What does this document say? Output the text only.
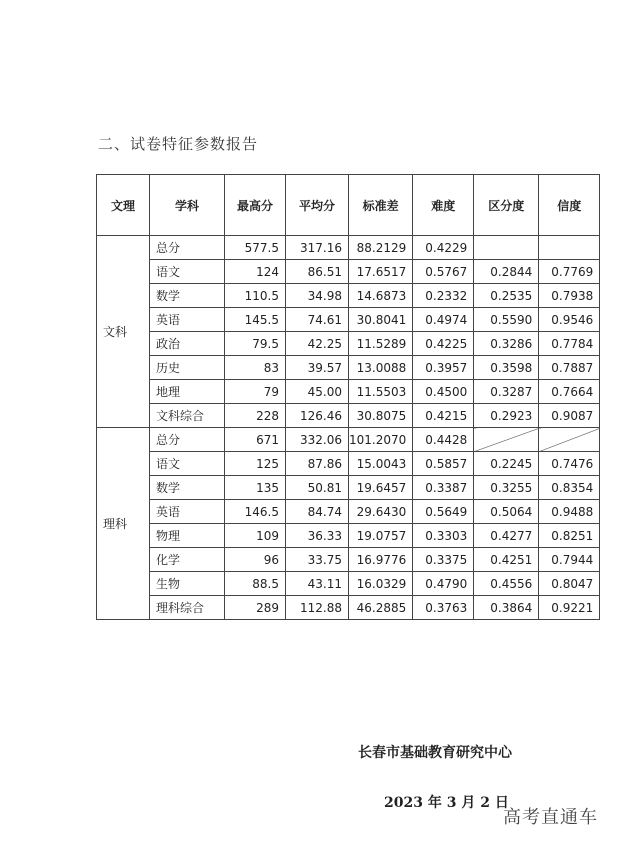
二、试卷特征参数报告
文理	学科	最高分	平均分	标准差	难度	区分度	信度
文科	总分	577.5	317.16	88.2129	0.4229		
	语文	124	86.51	17.6517	0.5767	0.2844	0.7769
	数学	110.5	34.98	14.6873	0.2332	0.2535	0.7938
	英语	145.5	74.61	30.8041	0.4974	0.5590	0.9546
	政治	79.5	42.25	11.5289	0.4225	0.3286	0.7784
	历史	83	39.57	13.0088	0.3957	0.3598	0.7887
	地理	79	45.00	11.5503	0.4500	0.3287	0.7664
	文科综合	228	126.46	30.8075	0.4215	0.2923	0.9087
理科	总分	671	332.06	101.2070	0.4428		
	语文	125	87.86	15.0043	0.5857	0.2245	0.7476
	数学	135	50.81	19.6457	0.3387	0.3255	0.8354
	英语	146.5	84.74	29.6430	0.5649	0.5064	0.9488
	物理	109	36.33	19.0757	0.3303	0.4277	0.8251
	化学	96	33.75	16.9776	0.3375	0.4251	0.7944
	生物	88.5	43.11	16.0329	0.4790	0.4556	0.8047
	理科综合	289	112.88	46.2885	0.3763	0.3864	0.9221
长春市基础教育研究中心
2023 年 3 月 2 日
高考直通车
